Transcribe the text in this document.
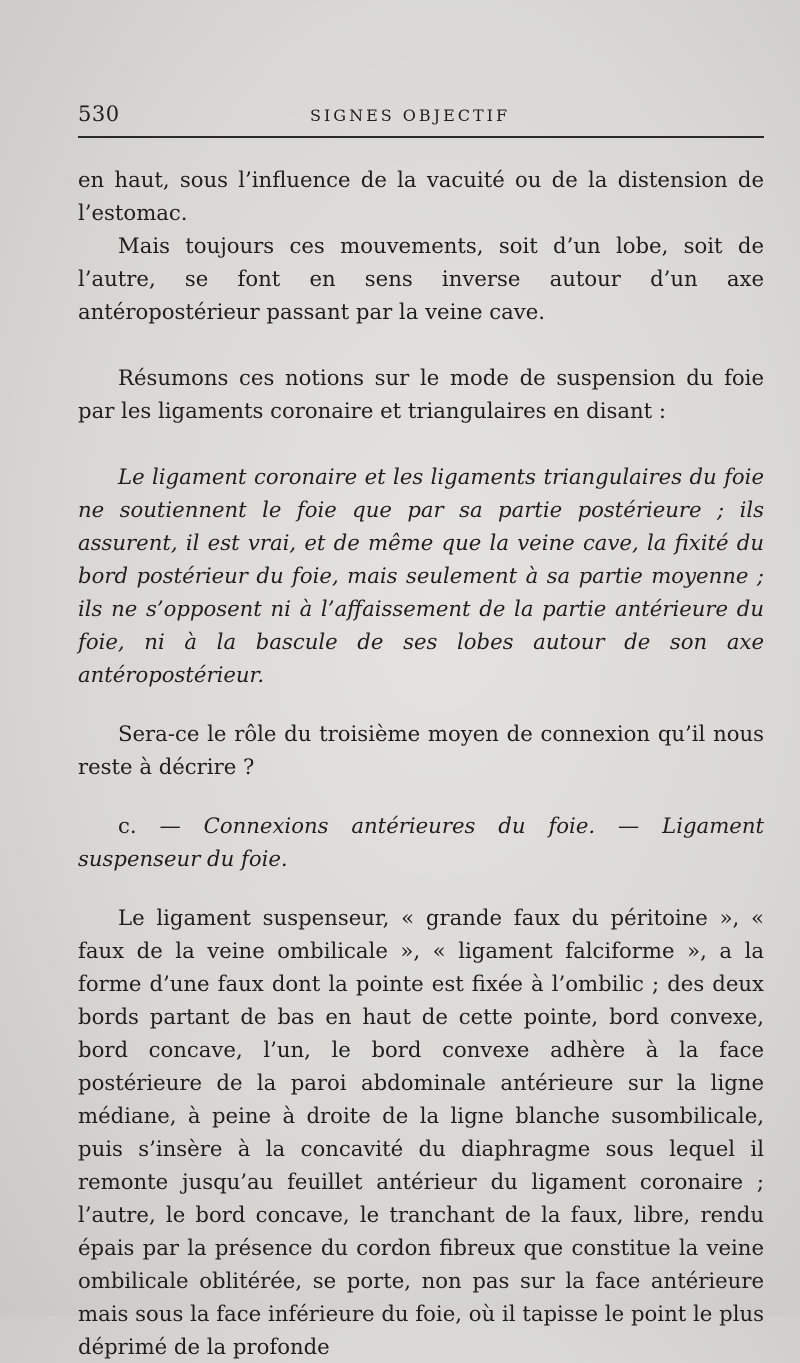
530	SIGNES OBJECTIF

en haut, sous l’influence de la vacuité ou de la distension de l’estomac.

Mais toujours ces mouvements, soit d’un lobe, soit de l’autre, se font en sens inverse autour d’un axe antéropostérieur passant par la veine cave.

Résumons ces notions sur le mode de suspension du foie par les ligaments coronaire et triangulaires en disant :

Le ligament coronaire et les ligaments triangulaires du foie ne soutiennent le foie que par sa partie postérieure ; ils assurent, il est vrai, et de même que la veine cave, la fixité du bord postérieur du foie, mais seulement à sa partie moyenne ; ils ne s’opposent ni à l’affaissement de la partie antérieure du foie, ni à la bascule de ses lobes autour de son axe antéropostérieur.

Sera-ce le rôle du troisième moyen de connexion qu’il nous reste à décrire ?

c. — Connexions antérieures du foie. — Ligament suspenseur du foie.

Le ligament suspenseur, « grande faux du péritoine », « faux de la veine ombilicale », « ligament falciforme », a la forme d’une faux dont la pointe est fixée à l’ombilic ; des deux bords partant de bas en haut de cette pointe, bord convexe, bord concave, l’un, le bord convexe adhère à la face postérieure de la paroi abdominale antérieure sur la ligne médiane, à peine à droite de la ligne blanche susombilicale, puis s’insère à la concavité du diaphragme sous lequel il remonte jusqu’au feuillet antérieur du ligament coronaire ; l’autre, le bord concave, le tranchant de la faux, libre, rendu épais par la présence du cordon fibreux que constitue la veine ombilicale oblitérée, se porte, non pas sur la face antérieure mais sous la face inférieure du foie, où il tapisse le point le plus déprimé de la profonde
